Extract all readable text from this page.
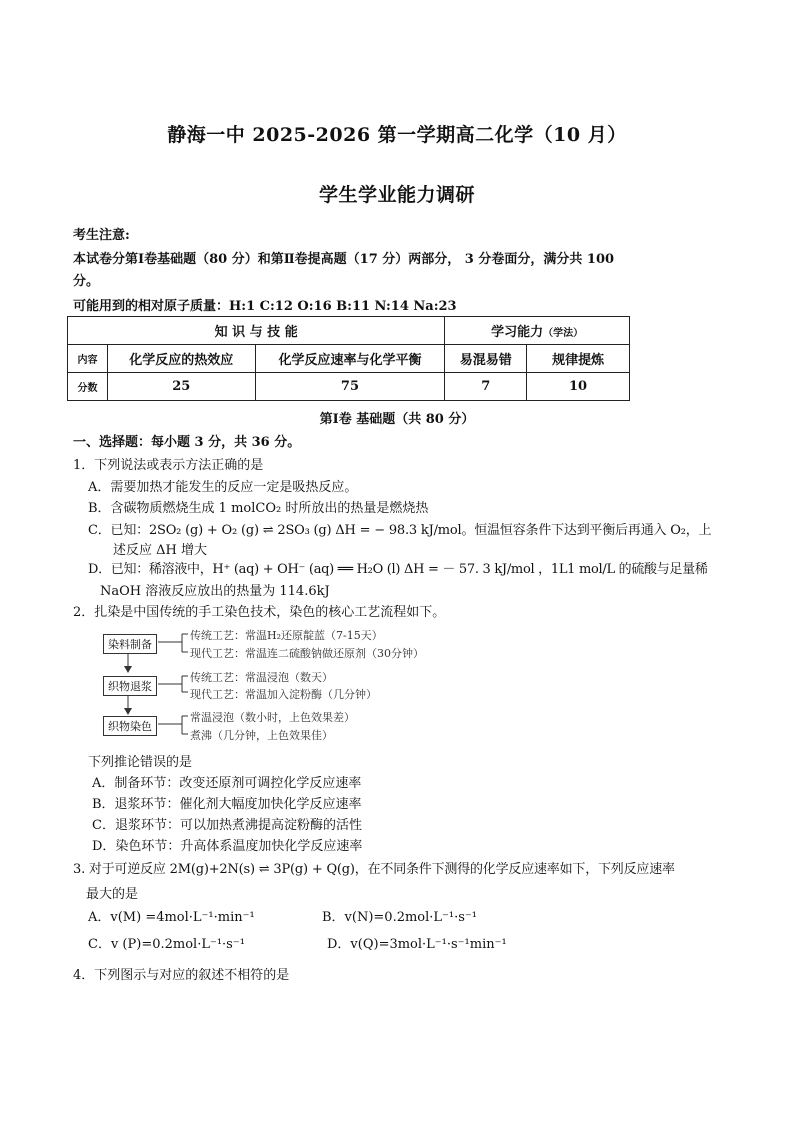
静海一中 2025-2026 第一学期高二化学（10 月）
学生学业能力调研
考生注意:
本试卷分第Ⅰ卷基础题（80 分）和第Ⅱ卷提高题（17 分）两部分， 3 分卷面分，满分共 100
分。
可能用到的相对原子质量：H:1 C:12 O:16 B:11 N:14 Na:23
知 识 与 技 能			学习能力（学法）	
内容	化学反应的热效应	化学反应速率与化学平衡	易混易错	规律提炼
分数	25	75	7	10
第Ⅰ卷 基础题（共 80 分）
一、选择题：每小题 3 分，共 36 分。
1．下列说法或表示方法正确的是
A．需要加热才能发生的反应一定是吸热反应。
B．含碳物质燃烧生成 1 molCO₂ 时所放出的热量是燃烧热
C．已知：2SO₂ (g) + O₂ (g) ⇌ 2SO₃ (g) ΔH = − 98.3 kJ/mol。恒温恒容条件下达到平衡后再通入 O₂，上
述反应 ΔH 增大
D．已知：稀溶液中，H⁺ (aq) + OH⁻ (aq) ══ H₂O (l) ΔH = － 57. 3 kJ/mol ，1L1 mol/L 的硫酸与足量稀
NaOH 溶液反应放出的热量为 114.6kJ
2．扎染是中国传统的手工染色技术，染色的核心工艺流程如下。
染料制备
织物退浆
织物染色
传统工艺：常温H₂还原靛蓝（7-15天）
现代工艺：常温连二硫酸钠做还原剂（30分钟）
传统工艺：常温浸泡（数天）
现代工艺：常温加入淀粉酶（几分钟）
常温浸泡（数小时，上色效果差）
煮沸（几分钟，上色效果佳）
下列推论错误的是
A．制备环节：改变还原剂可调控化学反应速率
B．退浆环节：催化剂大幅度加快化学反应速率
C．退浆环节：可以加热煮沸提高淀粉酶的活性
D．染色环节：升高体系温度加快化学反应速率
3. 对于可逆反应 2M(g)+2N(s) ⇌ 3P(g) + Q(g)，在不同条件下测得的化学反应速率如下，下列反应速率
最大的是
A．v(M) =4mol·L⁻¹·min⁻¹	B．v(N)=0.2mol·L⁻¹·s⁻¹
C．v (P)=0.2mol·L⁻¹·s⁻¹	D．v(Q)=3mol·L⁻¹·s⁻¹min⁻¹
4．下列图示与对应的叙述不相符的是
